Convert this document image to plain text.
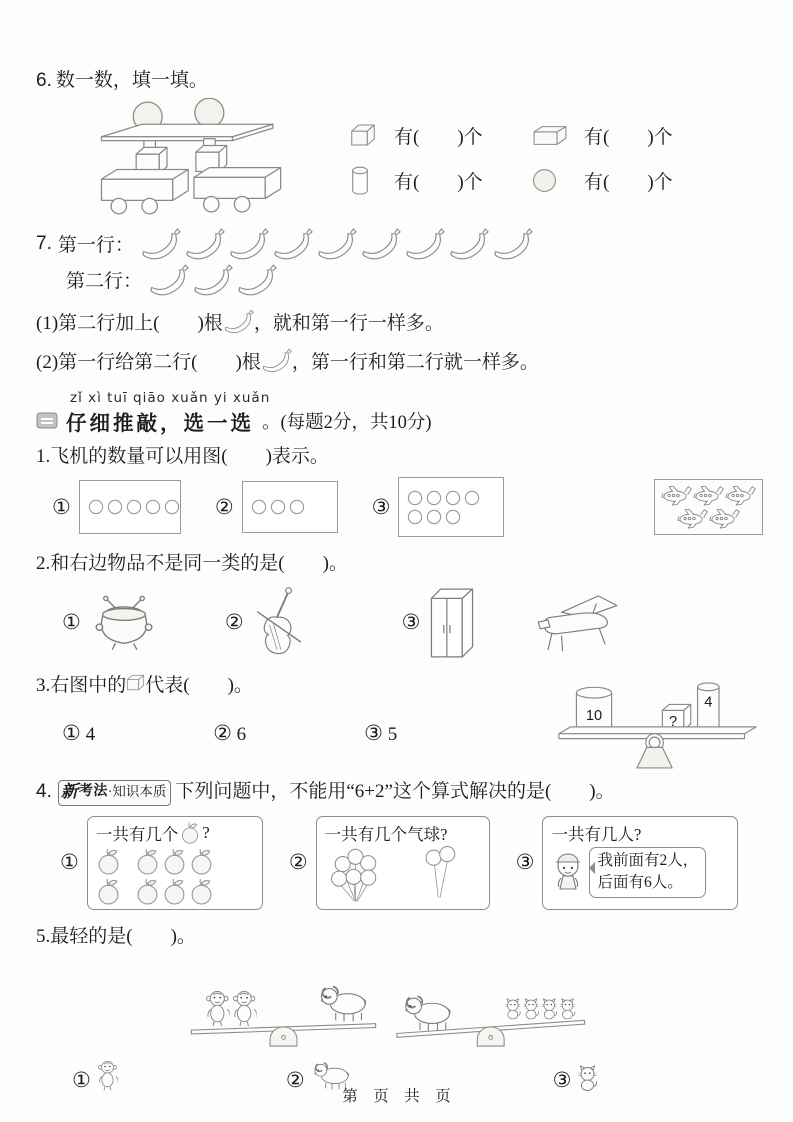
6. 数一数，填一填。
有(　　)个	有(　　)个
有(　　)个	有(　　)个
7. 第一行：
第二行：
(1)第二行加上(　　)根 ，就和第一行一样多。
(2)第一行给第二行(　　)根 ，第一行和第二行就一样多。
zǐ xì tuī qiāo xuǎn yi xuǎn
仔细推敲，选一选 。(每题2分，共10分)
1.飞机的数量可以用图(　　)表示。
①	②	③
2.和右边物品不是同一类的是(　　)。
①	②	③
3.右图中的 代表(　　)。
① 4	② 6	③ 5
10	?
4
4. 新 考法 ·知识本质 下列问题中，不能用“6+2”这个算式解决的是(　　)。
①
一共有几个 ?
②
一共有几个气球?
③
一共有几人?
我前面有2人，
后面有6人。
5.最轻的是(　　)。
①	②	③
第　页　共　页
